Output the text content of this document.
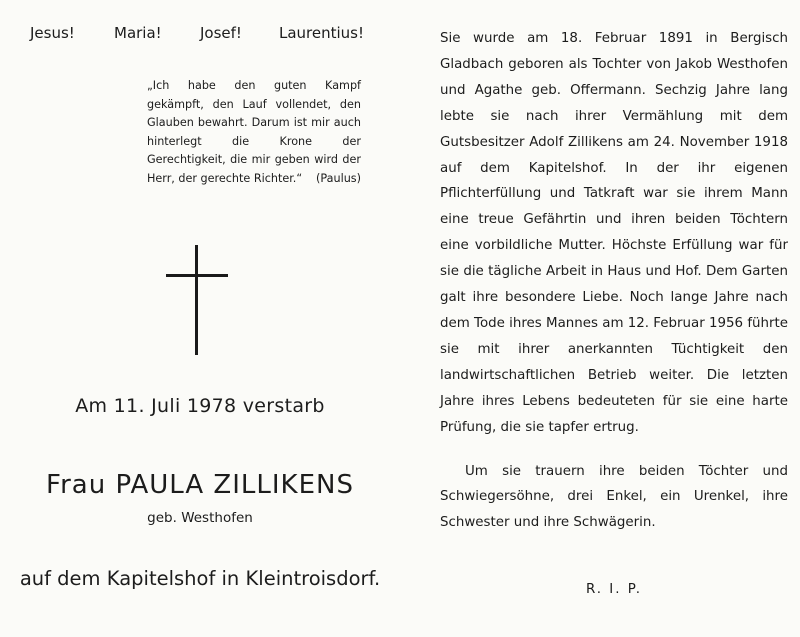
Jesus!	Maria!	Josef! Laurentius!
„Ich habe den guten Kampf gekämpft, den Lauf vollendet, den Glauben bewahrt. Darum ist mir auch hinterlegt die Krone der Gerechtigkeit, die mir geben wird der Herr, der gerechte Richter.“ (Paulus)
Am 11. Juli 1978 verstarb
Frau PAULA ZILLIKENS
geb. Westhofen
auf dem Kapitelshof in Kleintroisdorf.

Sie wurde am 18. Februar 1891 in Bergisch Gladbach geboren als Tochter von Jakob Westhofen und Agathe geb. Offermann. Sechzig Jahre lang lebte sie nach ihrer Vermählung mit dem Gutsbesitzer Adolf Zillikens am 24. November 1918 auf dem Kapitelshof. In der ihr eigenen Pflichterfüllung und Tatkraft war sie ihrem Mann eine treue Gefährtin und ihren beiden Töchtern eine vorbildliche Mutter. Höchste Erfüllung war für sie die tägliche Arbeit in Haus und Hof. Dem Garten galt ihre besondere Liebe. Noch lange Jahre nach dem Tode ihres Mannes am 12. Februar 1956 führte sie mit ihrer anerkannten Tüchtigkeit den landwirtschaftlichen Betrieb weiter. Die letzten Jahre ihres Lebens bedeuteten für sie eine harte Prüfung, die sie tapfer ertrug.

Um sie trauern ihre beiden Töchter und Schwiegersöhne, drei Enkel, ein Urenkel, ihre Schwester und ihre Schwägerin.

R. I. P.
